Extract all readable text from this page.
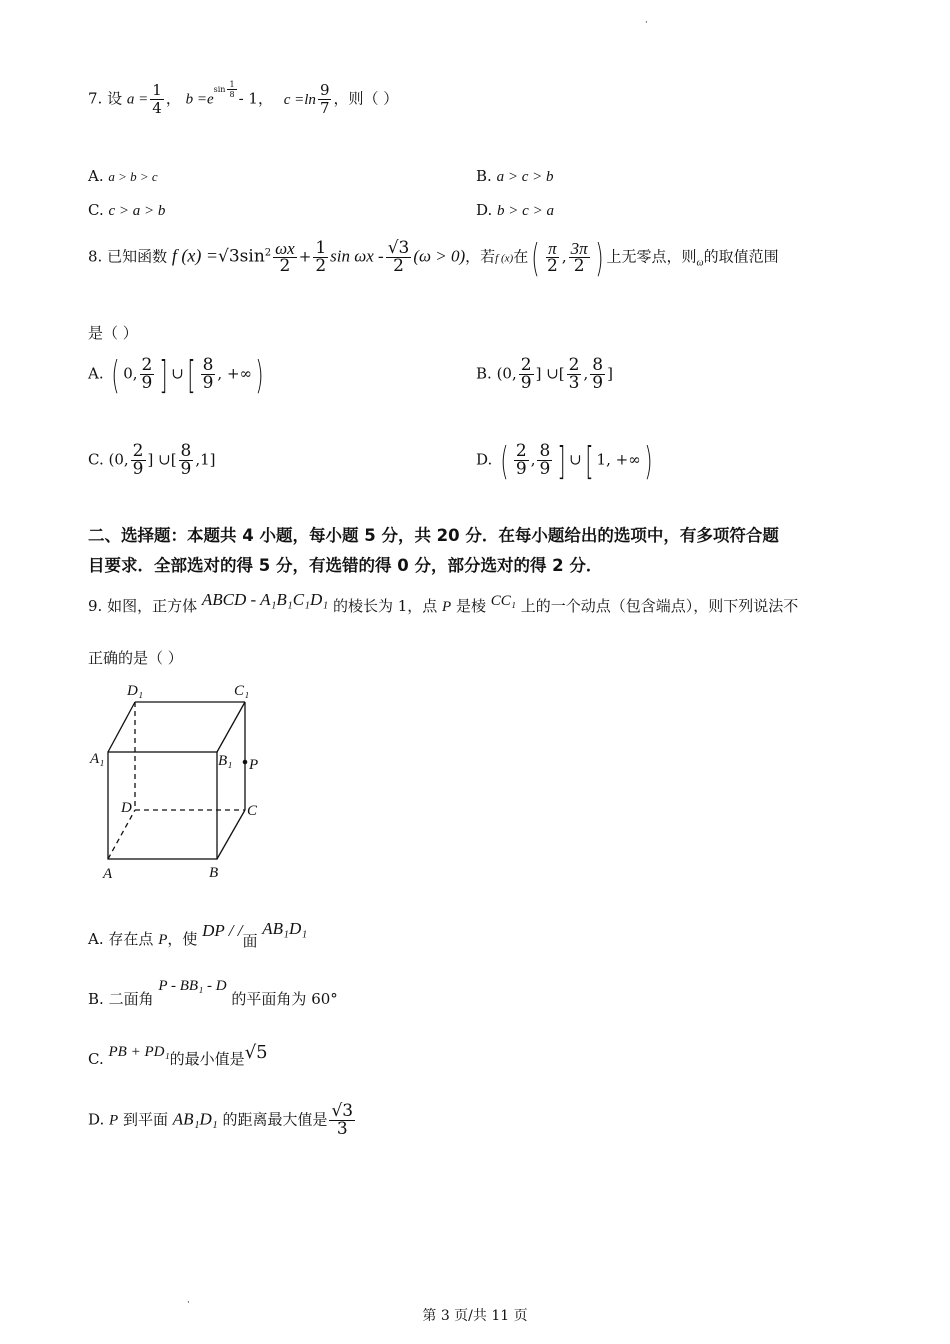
·
7. 设 $a = \frac{1}{4}$ ， $b =e^{sin \frac{1}{8}} - 1$， $c =\ln \frac{9}{7}$ ，则（ ）
A. a > b > c	B. a > c > b
C. c > a > b	D. b > c > a
8. 已知函数 f $(x) =√3\sin^2 \frac{\omega x}{2} + \frac{1}{2}$ $\sin \omega x - \frac{√3}{2} (\omega > 0)$，若f (x)在( $\frac{\pi}{2}$ , $\frac{3\pi}{2}$ ) 上无零点，则$_\omega$的取值范围
是（ ）
A. ( 0, $\frac{2}{9}$ ] ∪[ $\frac{8}{9}$ , +∞)	B. (0, $\frac{2}{9}$ ] ∪[ $\frac{2}{3}$ , $\frac{8}{9}$ ]
C. (0, $\frac{2}{9}$ ] ∪[ $\frac{8}{9} ,1$]	D. ( $\frac{2}{9}$ , $\frac{8}{9}$ ] ∪[ 1, +∞)
二、选择题：本题共 4 小题，每小题 5 分，共 20 分．在每小题给出的选项中，有多项符合题
目要求．全部选对的得 5 分，有选错的得 0 分，部分选对的得 2 分．
9. 如图，正方体 ABCD - A₁B₁C₁D₁ 的棱长为 1，点 P 是棱 CC₁ 上的一个动点（包含端点），则下列说法不
正确的是（ ）
D₁	C₁
A₁	B₁ P
D	C
A	B
A. 存在点 P，使 DP / /面 AB₁D₁
B. 二面角 P - BB₁ - D 的平面角为 60°
C. PB + PD₁的最小值是√5
D. P 到平面 AB₁D₁ 的距离最大值是 $\frac{√3}{3}$
·
第 3 页/共 11 页
